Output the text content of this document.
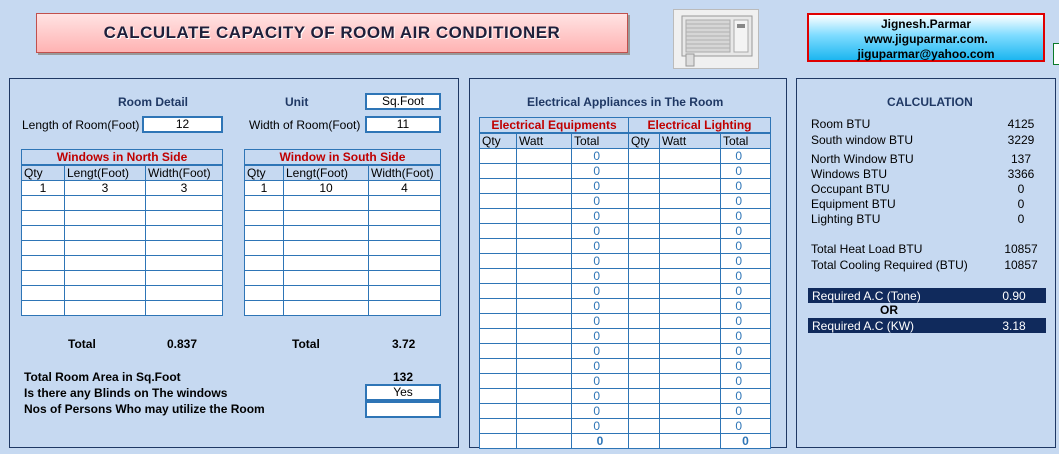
CALCULATE CAPACITY OF ROOM AIR CONDITIONER	Jignesh.Parmar
www.jiguparmar.com.
jiguparmar@yahoo.com
Room Detail	Unit	Sq.Foot
Length of Room(Foot)	12	Width of Room(Foot)	11
Windows in North Side		
Qty	Lengt(Foot)	Width(Foot)
1	3	3

Window in South Side		
Qty	Lengt(Foot)	Width(Foot)
1	10	4

Total	0.837	Total	3.72
Total Room Area in Sq.Foot	132
Is there any Blinds on The windows	Yes
Nos of Persons Who may utilize the Room
Electrical Appliances in The Room
Electrical Equipments			Electrical Lighting		
Qty	Watt	Total	Qty	Watt	Total
		0			0
		0			0
		0			0
		0			0
		0			0
		0			0
		0			0
		0			0
		0			0
		0			0
		0			0
		0			0
		0			0
		0			0
		0			0
		0			0
		0			0
		0			0
		0			0
		0			0
CALCULATION
Room BTU	4125
South window BTU	3229
North Window BTU	137
Windows BTU	3366
Occupant BTU	0
Equipment BTU	0
Lighting BTU	0
Total Heat Load BTU	10857
Total Cooling Required (BTU)	10857
Required A.C (Tone)	0.90
OR
Required A.C (KW)	3.18
